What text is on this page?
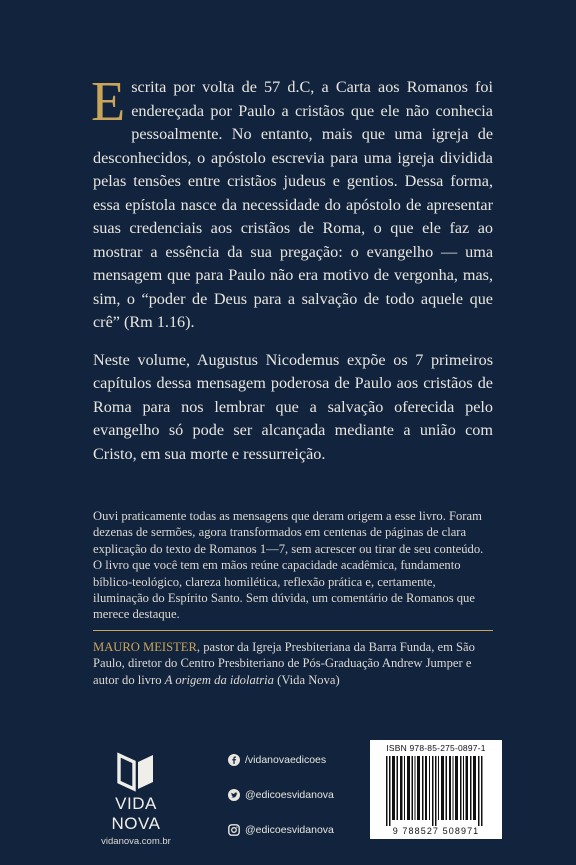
Escrita por volta de 57 d.C, a Carta aos Romanos foi endereçada por Paulo a cristãos que ele não conhecia pessoalmente. No entanto, mais que uma igreja de desconhecidos, o apóstolo escrevia para uma igreja dividida pelas tensões entre cristãos judeus e gentios. Dessa forma, essa epístola nasce da necessidade do apóstolo de apresentar suas credenciais aos cristãos de Roma, o que ele faz ao mostrar a essência da sua pregação: o evangelho — uma mensagem que para Paulo não era motivo de vergonha, mas, sim, o “poder de Deus para a salvação de todo aquele que crê” (Rm 1.16).

Neste volume, Augustus Nicodemus expõe os 7 primeiros capítulos dessa mensagem poderosa de Paulo aos cristãos de Roma para nos lembrar que a salvação oferecida pelo evangelho só pode ser alcançada mediante a união com Cristo, em sua morte e ressurreição.

Ouvi praticamente todas as mensagens que deram origem a esse livro. Foram dezenas de sermões, agora transformados em centenas de páginas de clara explicação do texto de Romanos 1—7, sem acrescer ou tirar de seu conteúdo. O livro que você tem em mãos reúne capacidade acadêmica, fundamento bíblico-teológico, clareza homilética, reflexão prática e, certamente, iluminação do Espírito Santo. Sem dúvida, um comentário de Romanos que merece destaque.

MAURO MEISTER, pastor da Igreja Presbiteriana da Barra Funda, em São Paulo, diretor do Centro Presbiteriano de Pós-Graduação Andrew Jumper e autor do livro A origem da idolatria (Vida Nova)

VIDA NOVA
vidanova.com.br
/vidanovaedicoes
@edicoesvidanova
@edicoesvidanova
ISBN 978-85-275-0897-1
9 788527 508971
